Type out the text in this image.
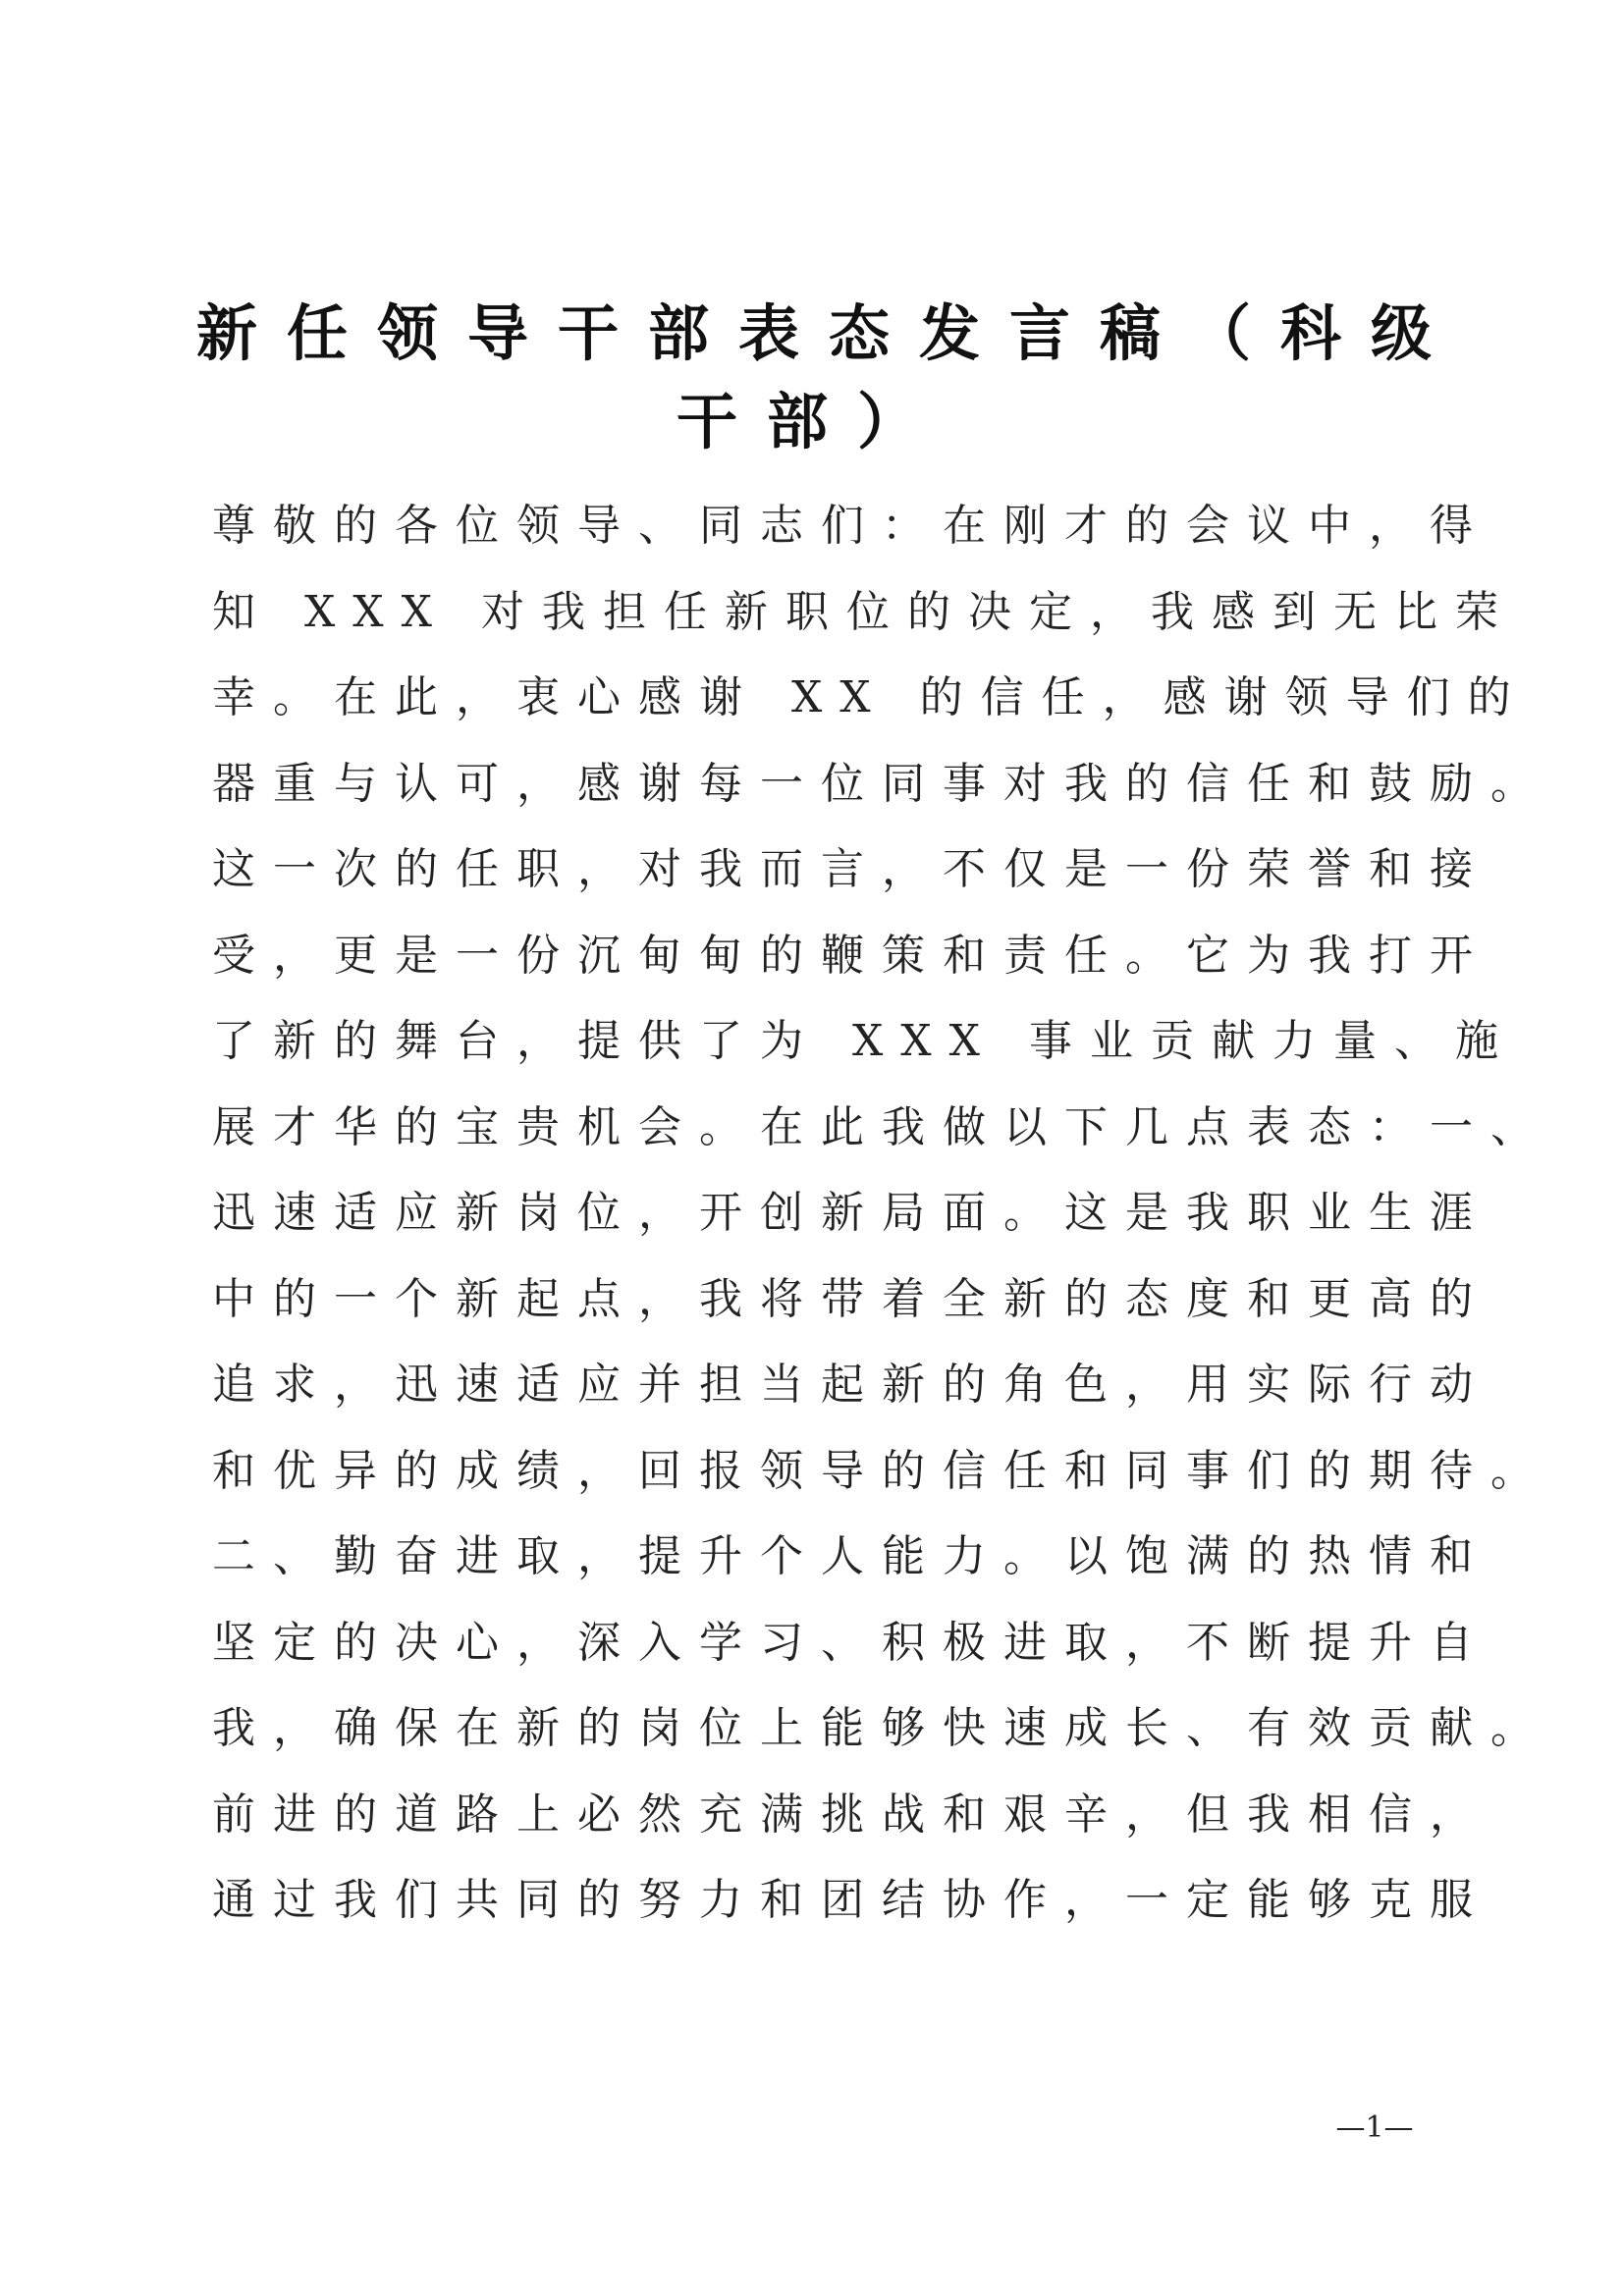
新任领导干部表态发言稿（科级
干部）
尊敬的各位领导、同志们：在刚才的会议中，得
知 XXX 对我担任新职位的决定，我感到无比荣
幸。在此，衷心感谢 XX 的信任，感谢领导们的
器重与认可，感谢每一位同事对我的信任和鼓励。
这一次的任职，对我而言，不仅是一份荣誉和接
受，更是一份沉甸甸的鞭策和责任。它为我打开
了新的舞台，提供了为 XXX 事业贡献力量、施
展才华的宝贵机会。在此我做以下几点表态：一、
迅速适应新岗位，开创新局面。这是我职业生涯
中的一个新起点，我将带着全新的态度和更高的
追求，迅速适应并担当起新的角色，用实际行动
和优异的成绩，回报领导的信任和同事们的期待。
二、勤奋进取，提升个人能力。以饱满的热情和
坚定的决心，深入学习、积极进取，不断提升自
我，确保在新的岗位上能够快速成长、有效贡献。
前进的道路上必然充满挑战和艰辛，但我相信，
通过我们共同的努力和团结协作，一定能够克服
—1—
